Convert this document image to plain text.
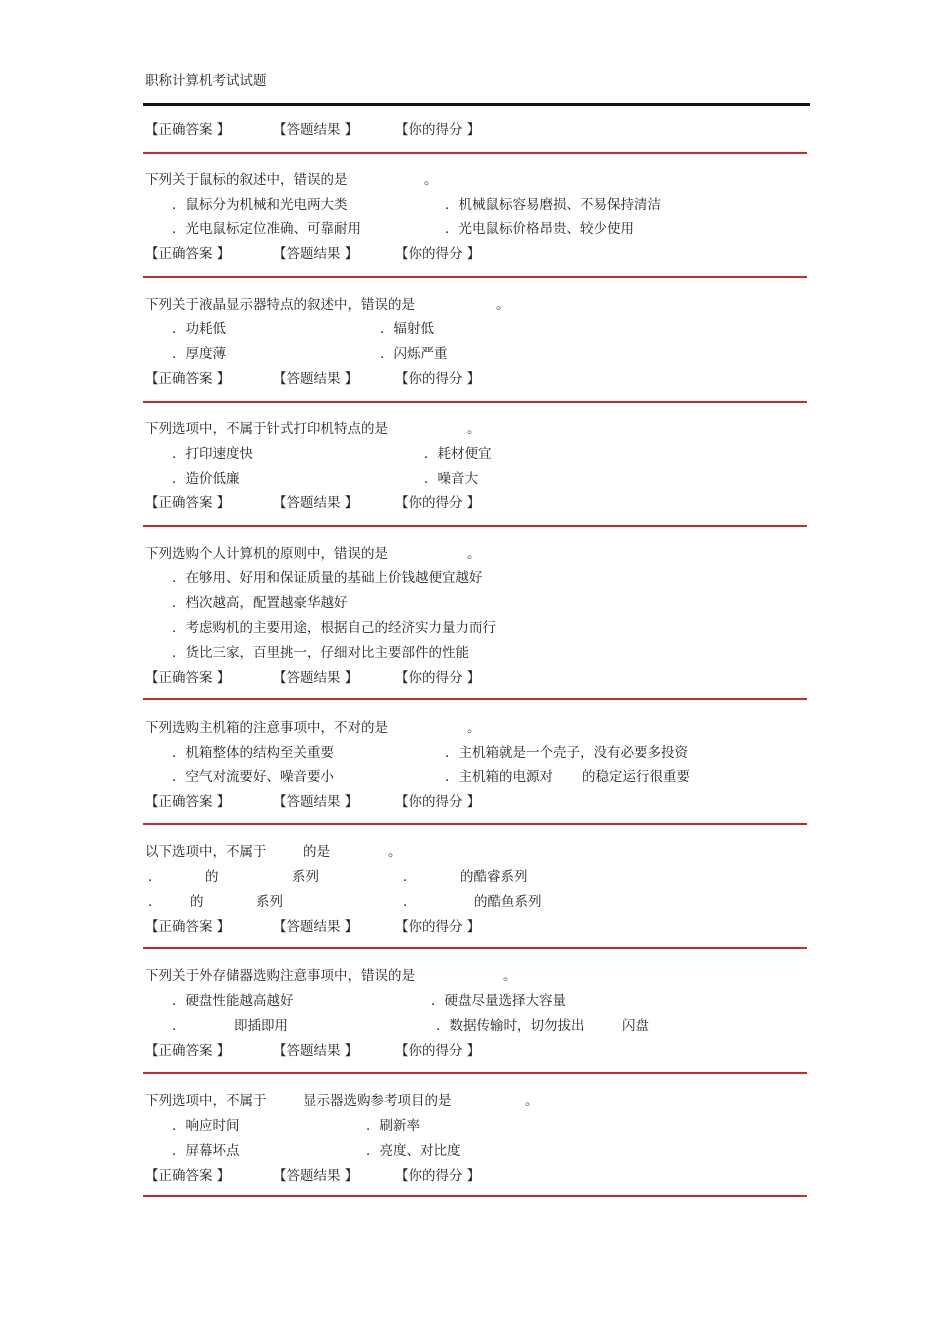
职称计算机考试试题
【正确答案 】	【答题结果 】	【你的得分 】
下列关于鼠标的叙述中，错误的是	。
．鼠标分为机械和光电两大类	．机械鼠标容易磨损、不易保持清洁
．光电鼠标定位准确、可靠耐用	．光电鼠标价格昂贵、较少使用
【正确答案 】	【答题结果 】	【你的得分 】
下列关于液晶显示器特点的叙述中，错误的是	。
．功耗低	．辐射低
．厚度薄	．闪烁严重
【正确答案 】	【答题结果 】	【你的得分 】
下列选项中，不属于针式打印机特点的是	。
．打印速度快	．耗材便宜
．造价低廉	．噪音大
【正确答案 】	【答题结果 】	【你的得分 】
下列选购个人计算机的原则中，错误的是	。
．在够用、好用和保证质量的基础上价钱越便宜越好
．档次越高，配置越豪华越好
．考虑购机的主要用途，根据自己的经济实力量力而行
．货比三家，百里挑一，仔细对比主要部件的性能
【正确答案 】	【答题结果 】	【你的得分 】
下列选购主机箱的注意事项中，不对的是	。
．机箱整体的结构至关重要	．主机箱就是一个壳子，没有必要多投资
．空气对流要好、噪音要小	．主机箱的电源对 的稳定运行很重要
【正确答案 】	【答题结果 】	【你的得分 】
以下选项中，不属于	的是	。
．	的	系列	．	的酷睿系列
． 的	系列	．	的酷鱼系列
【正确答案 】	【答题结果 】	【你的得分 】
下列关于外存储器选购注意事项中，错误的是	。
．硬盘性能越高越好	．硬盘尽量选择大容量
．	即插即用	．数据传输时，切勿拔出	闪盘
【正确答案 】	【答题结果 】	【你的得分 】
下列选项中，不属于	显示器选购参考项目的是	。
．响应时间	．刷新率
．屏幕坏点	．亮度、对比度
【正确答案 】	【答题结果 】	【你的得分 】
